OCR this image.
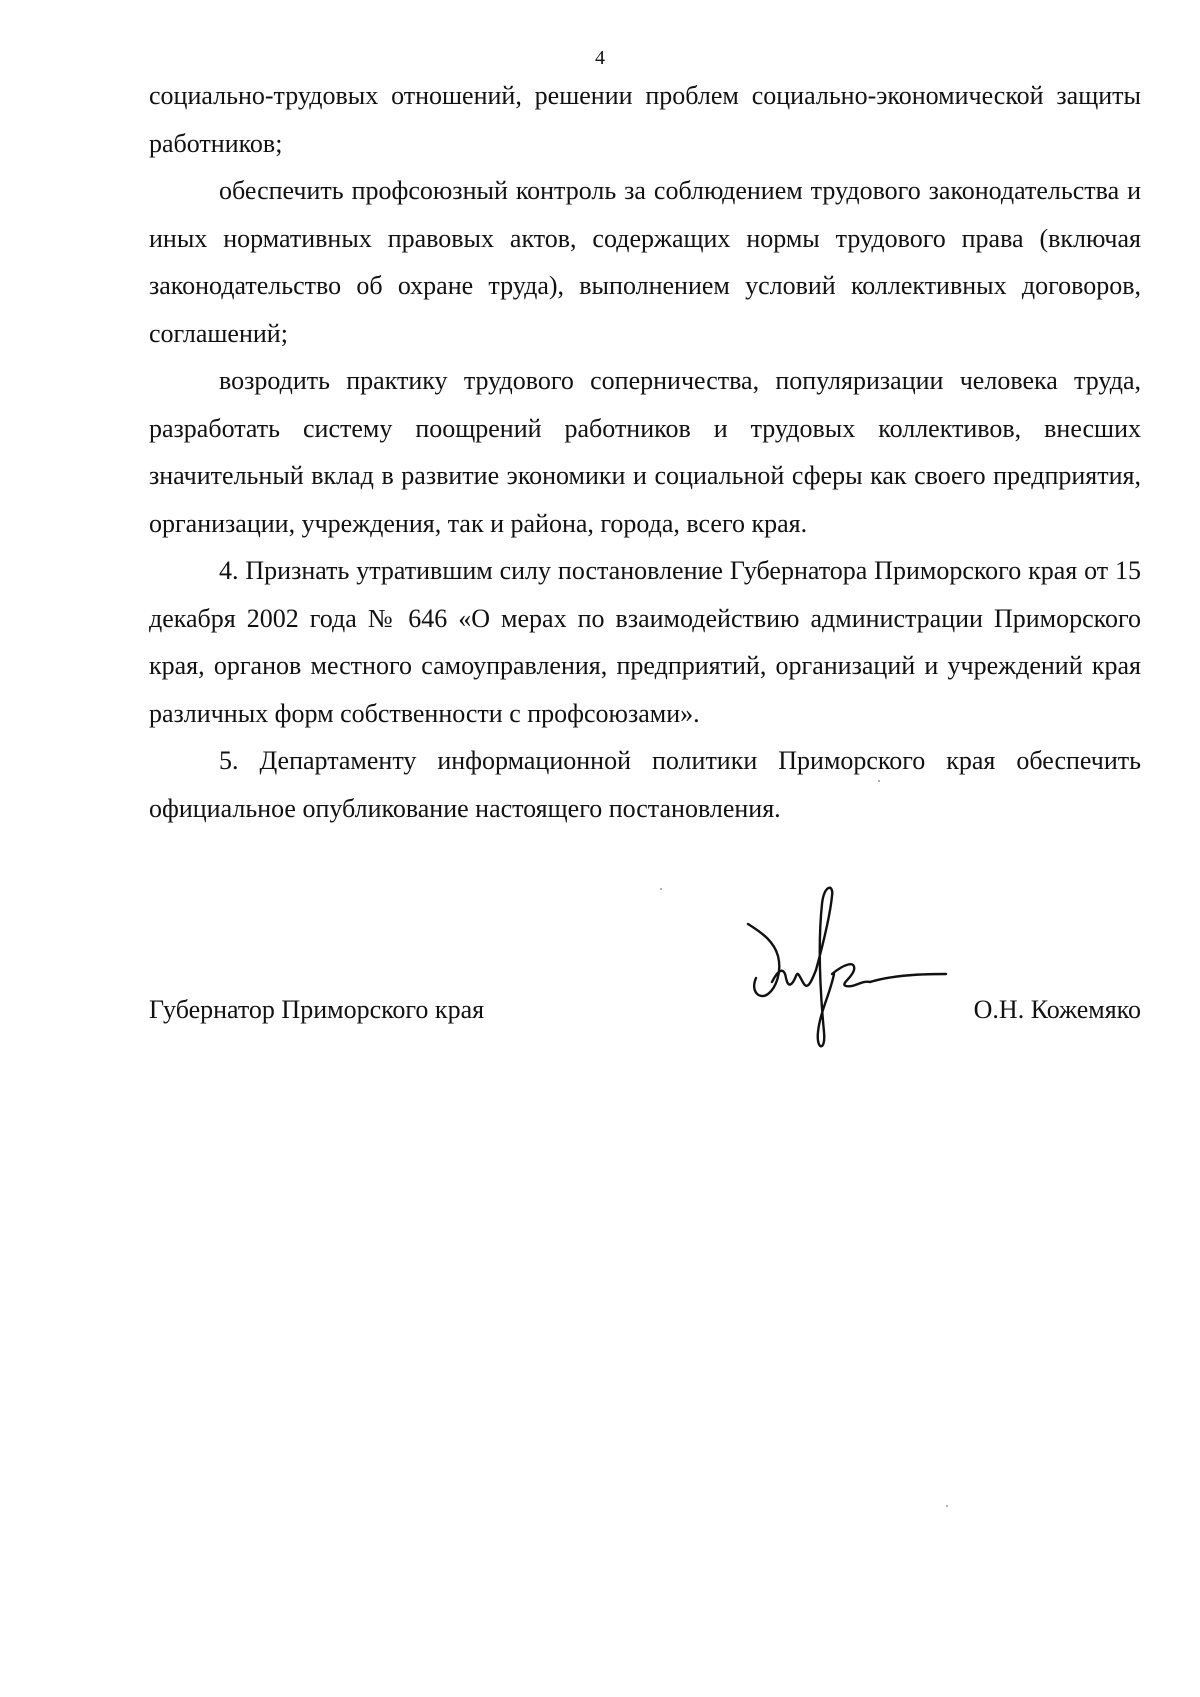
4

социально-трудовых отношений, решении проблем социально-экономической защиты работников;

обеспечить профсоюзный контроль за соблюдением трудового законодательства и иных нормативных правовых актов, содержащих нормы трудового права (включая законодательство об охране труда), выполнением условий коллективных договоров, соглашений;

возродить практику трудового соперничества, популяризации человека труда, разработать систему поощрений работников и трудовых коллективов, внесших значительный вклад в развитие экономики и социальной сферы как своего предприятия, организации, учреждения, так и района, города, всего края.

4. Признать утратившим силу постановление Губернатора Приморского края от 15 декабря 2002 года № 646 «О мерах по взаимодействию администрации Приморского края, органов местного самоуправления, предприятий, организаций и учреждений края различных форм собственности с профсоюзами».

5. Департаменту информационной политики Приморского края обеспечить официальное опубликование настоящего постановления.

Губернатор Приморского края	О.Н. Кожемяко
